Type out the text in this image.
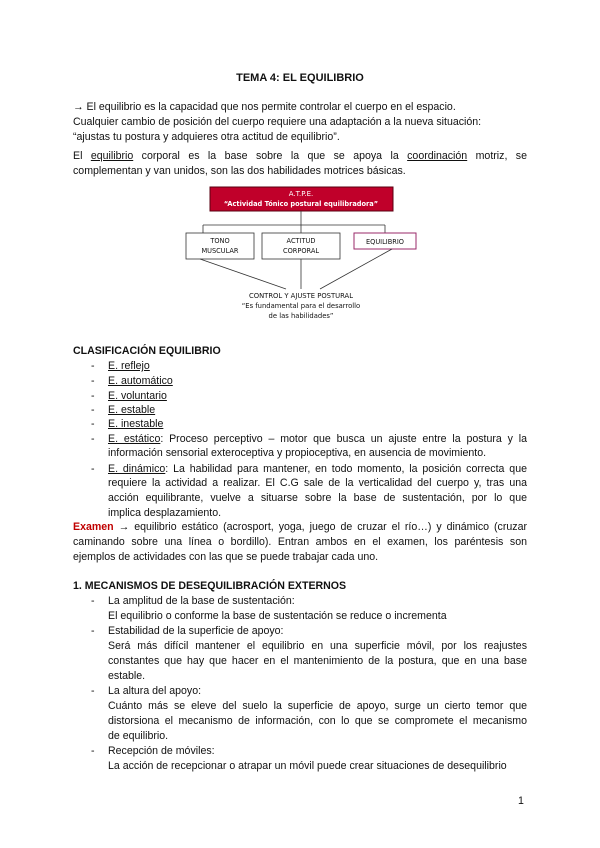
TEMA 4: EL EQUILIBRIO
→ El equilibrio es la capacidad que nos permite controlar el cuerpo en el espacio.
Cualquier cambio de posición del cuerpo requiere una adaptación a la nueva situación:
“ajustas tu postura y adquieres otra actitud de equilibrio”.
El equilibrio corporal es la base sobre la que se apoya la coordinación motriz, se
complementan y van unidos, son las dos habilidades motrices básicas.
A.T.P.E.
“Actividad Tónico postural equilibradora”
TONO
MUSCULAR
ACTITUD
CORPORAL
EQUILIBRIO
CONTROL Y AJUSTE POSTURAL
“Es fundamental para el desarrollo
de las habilidades”
CLASIFICACIÓN EQUILIBRIO
- E. reflejo
- E. automático
- E. voluntario
- E. estable
- E. inestable
- E. estático: Proceso perceptivo – motor que busca un ajuste entre la postura y la
información sensorial exteroceptiva y propioceptiva, en ausencia de movimiento.
- E. dinámico: La habilidad para mantener, en todo momento, la posición correcta que
requiere la actividad a realizar. El C.G sale de la verticalidad del cuerpo y, tras una
acción equilibrante, vuelve a situarse sobre la base de sustentación, por lo que
implica desplazamiento.
Examen → equilibrio estático (acrosport, yoga, juego de cruzar el río…) y dinámico (cruzar
caminando sobre una línea o bordillo). Entran ambos en el examen, los paréntesis son
ejemplos de actividades con las que se puede trabajar cada uno.
1. MECANISMOS DE DESEQUILIBRACIÓN EXTERNOS
- La amplitud de la base de sustentación:
El equilibrio o conforme la base de sustentación se reduce o incrementa
- Estabilidad de la superficie de apoyo:
Será más difícil mantener el equilibrio en una superficie móvil, por los reajustes
constantes que hay que hacer en el mantenimiento de la postura, que en una base
estable.
- La altura del apoyo:
Cuánto más se eleve del suelo la superficie de apoyo, surge un cierto temor que
distorsiona el mecanismo de información, con lo que se compromete el mecanismo
de equilibrio.
- Recepción de móviles:
La acción de recepcionar o atrapar un móvil puede crear situaciones de desequilibrio
1
